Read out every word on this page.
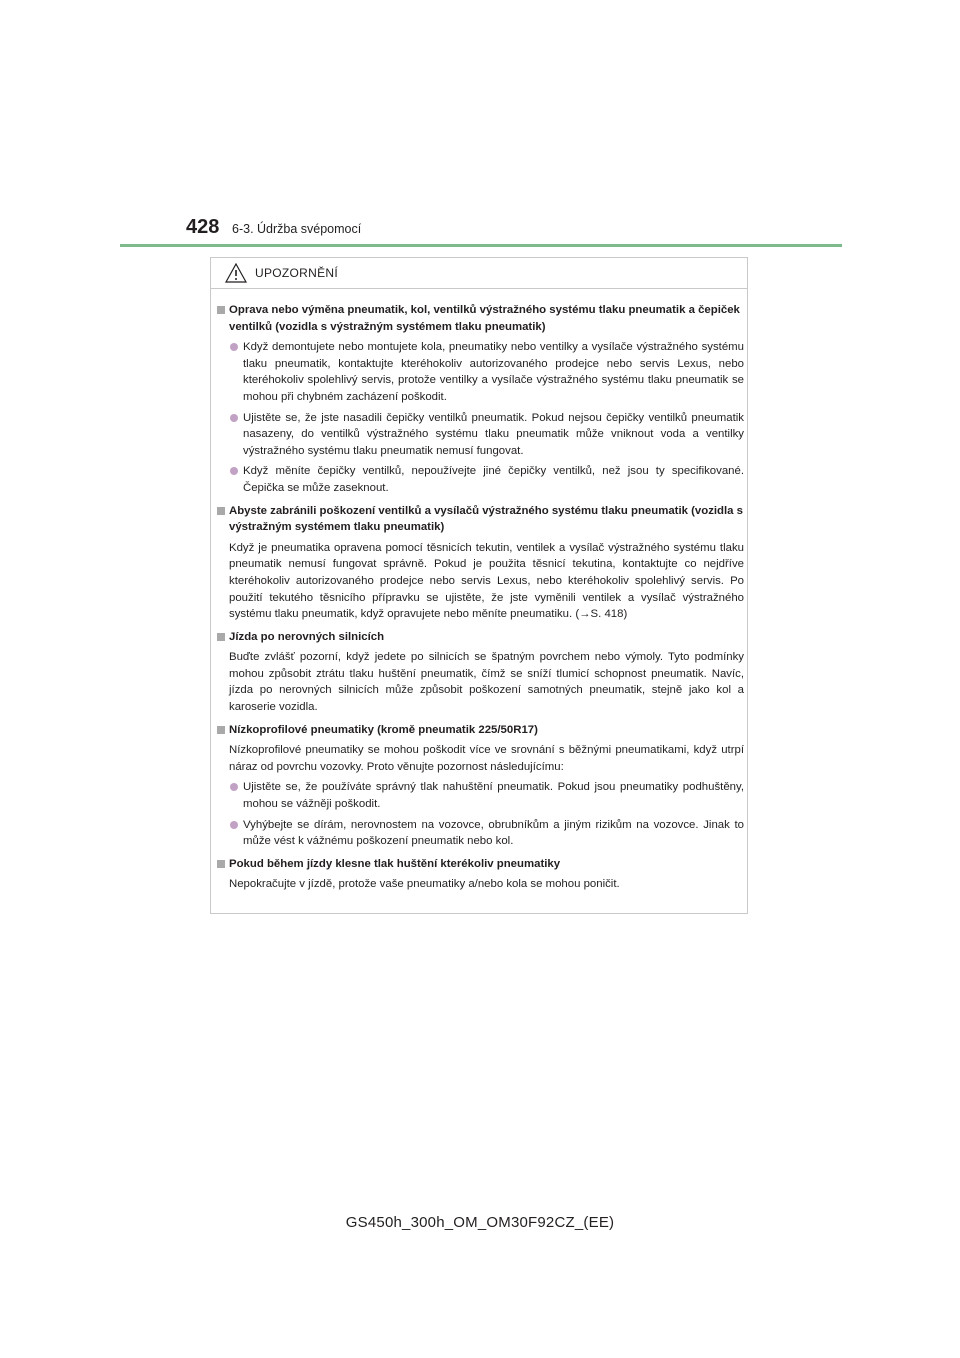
428 6-3. Údržba svépomocí
UPOZORNĚNÍ
Oprava nebo výměna pneumatik, kol, ventilků výstražného systému tlaku pneumatik a čepiček ventilků (vozidla s výstražným systémem tlaku pneumatik)
Když demontujete nebo montujete kola, pneumatiky nebo ventilky a vysílače výstražného systému tlaku pneumatik, kontaktujte kteréhokoliv autorizovaného prodejce nebo servis Lexus, nebo kteréhokoliv spolehlivý servis, protože ventilky a vysílače výstražného systému tlaku pneumatik se mohou při chybném zacházení poškodit.
Ujistěte se, že jste nasadili čepičky ventilků pneumatik. Pokud nejsou čepičky ventilků pneumatik nasazeny, do ventilků výstražného systému tlaku pneumatik může vniknout voda a ventilky výstražného systému tlaku pneumatik nemusí fungovat.
Když měníte čepičky ventilků, nepoužívejte jiné čepičky ventilků, než jsou ty specifikované. Čepička se může zaseknout.
Abyste zabránili poškození ventilků a vysílačů výstražného systému tlaku pneumatik (vozidla s výstražným systémem tlaku pneumatik)
Když je pneumatika opravena pomocí těsnicích tekutin, ventilek a vysílač výstražného systému tlaku pneumatik nemusí fungovat správně. Pokud je použita těsnicí tekutina, kontaktujte co nejdříve kteréhokoliv autorizovaného prodejce nebo servis Lexus, nebo kteréhokoliv spolehlivý servis. Po použití tekutého těsnicího přípravku se ujistěte, že jste vyměnili ventilek a vysílač výstražného systému tlaku pneumatik, když opravujete nebo měníte pneumatiku. (→S. 418)
Jízda po nerovných silnicích
Buďte zvlášť pozorní, když jedete po silnicích se špatným povrchem nebo výmoly. Tyto podmínky mohou způsobit ztrátu tlaku huštění pneumatik, čímž se sníží tlumicí schopnost pneumatik. Navíc, jízda po nerovných silnicích může způsobit poškození samotných pneumatik, stejně jako kol a karoserie vozidla.
Nízkoprofilové pneumatiky (kromě pneumatik 225/50R17)
Nízkoprofilové pneumatiky se mohou poškodit více ve srovnání s běžnými pneumatikami, když utrpí náraz od povrchu vozovky. Proto věnujte pozornost následujícímu:
Ujistěte se, že používáte správný tlak nahuštění pneumatik. Pokud jsou pneumatiky podhuštěny, mohou se vážněji poškodit.
Vyhýbejte se dírám, nerovnostem na vozovce, obrubníkům a jiným rizikům na vozovce. Jinak to může vést k vážnému poškození pneumatik nebo kol.
Pokud během jízdy klesne tlak huštění kterékoliv pneumatiky
Nepokračujte v jízdě, protože vaše pneumatiky a/nebo kola se mohou poničit.
GS450h_300h_OM_OM30F92CZ_(EE)
